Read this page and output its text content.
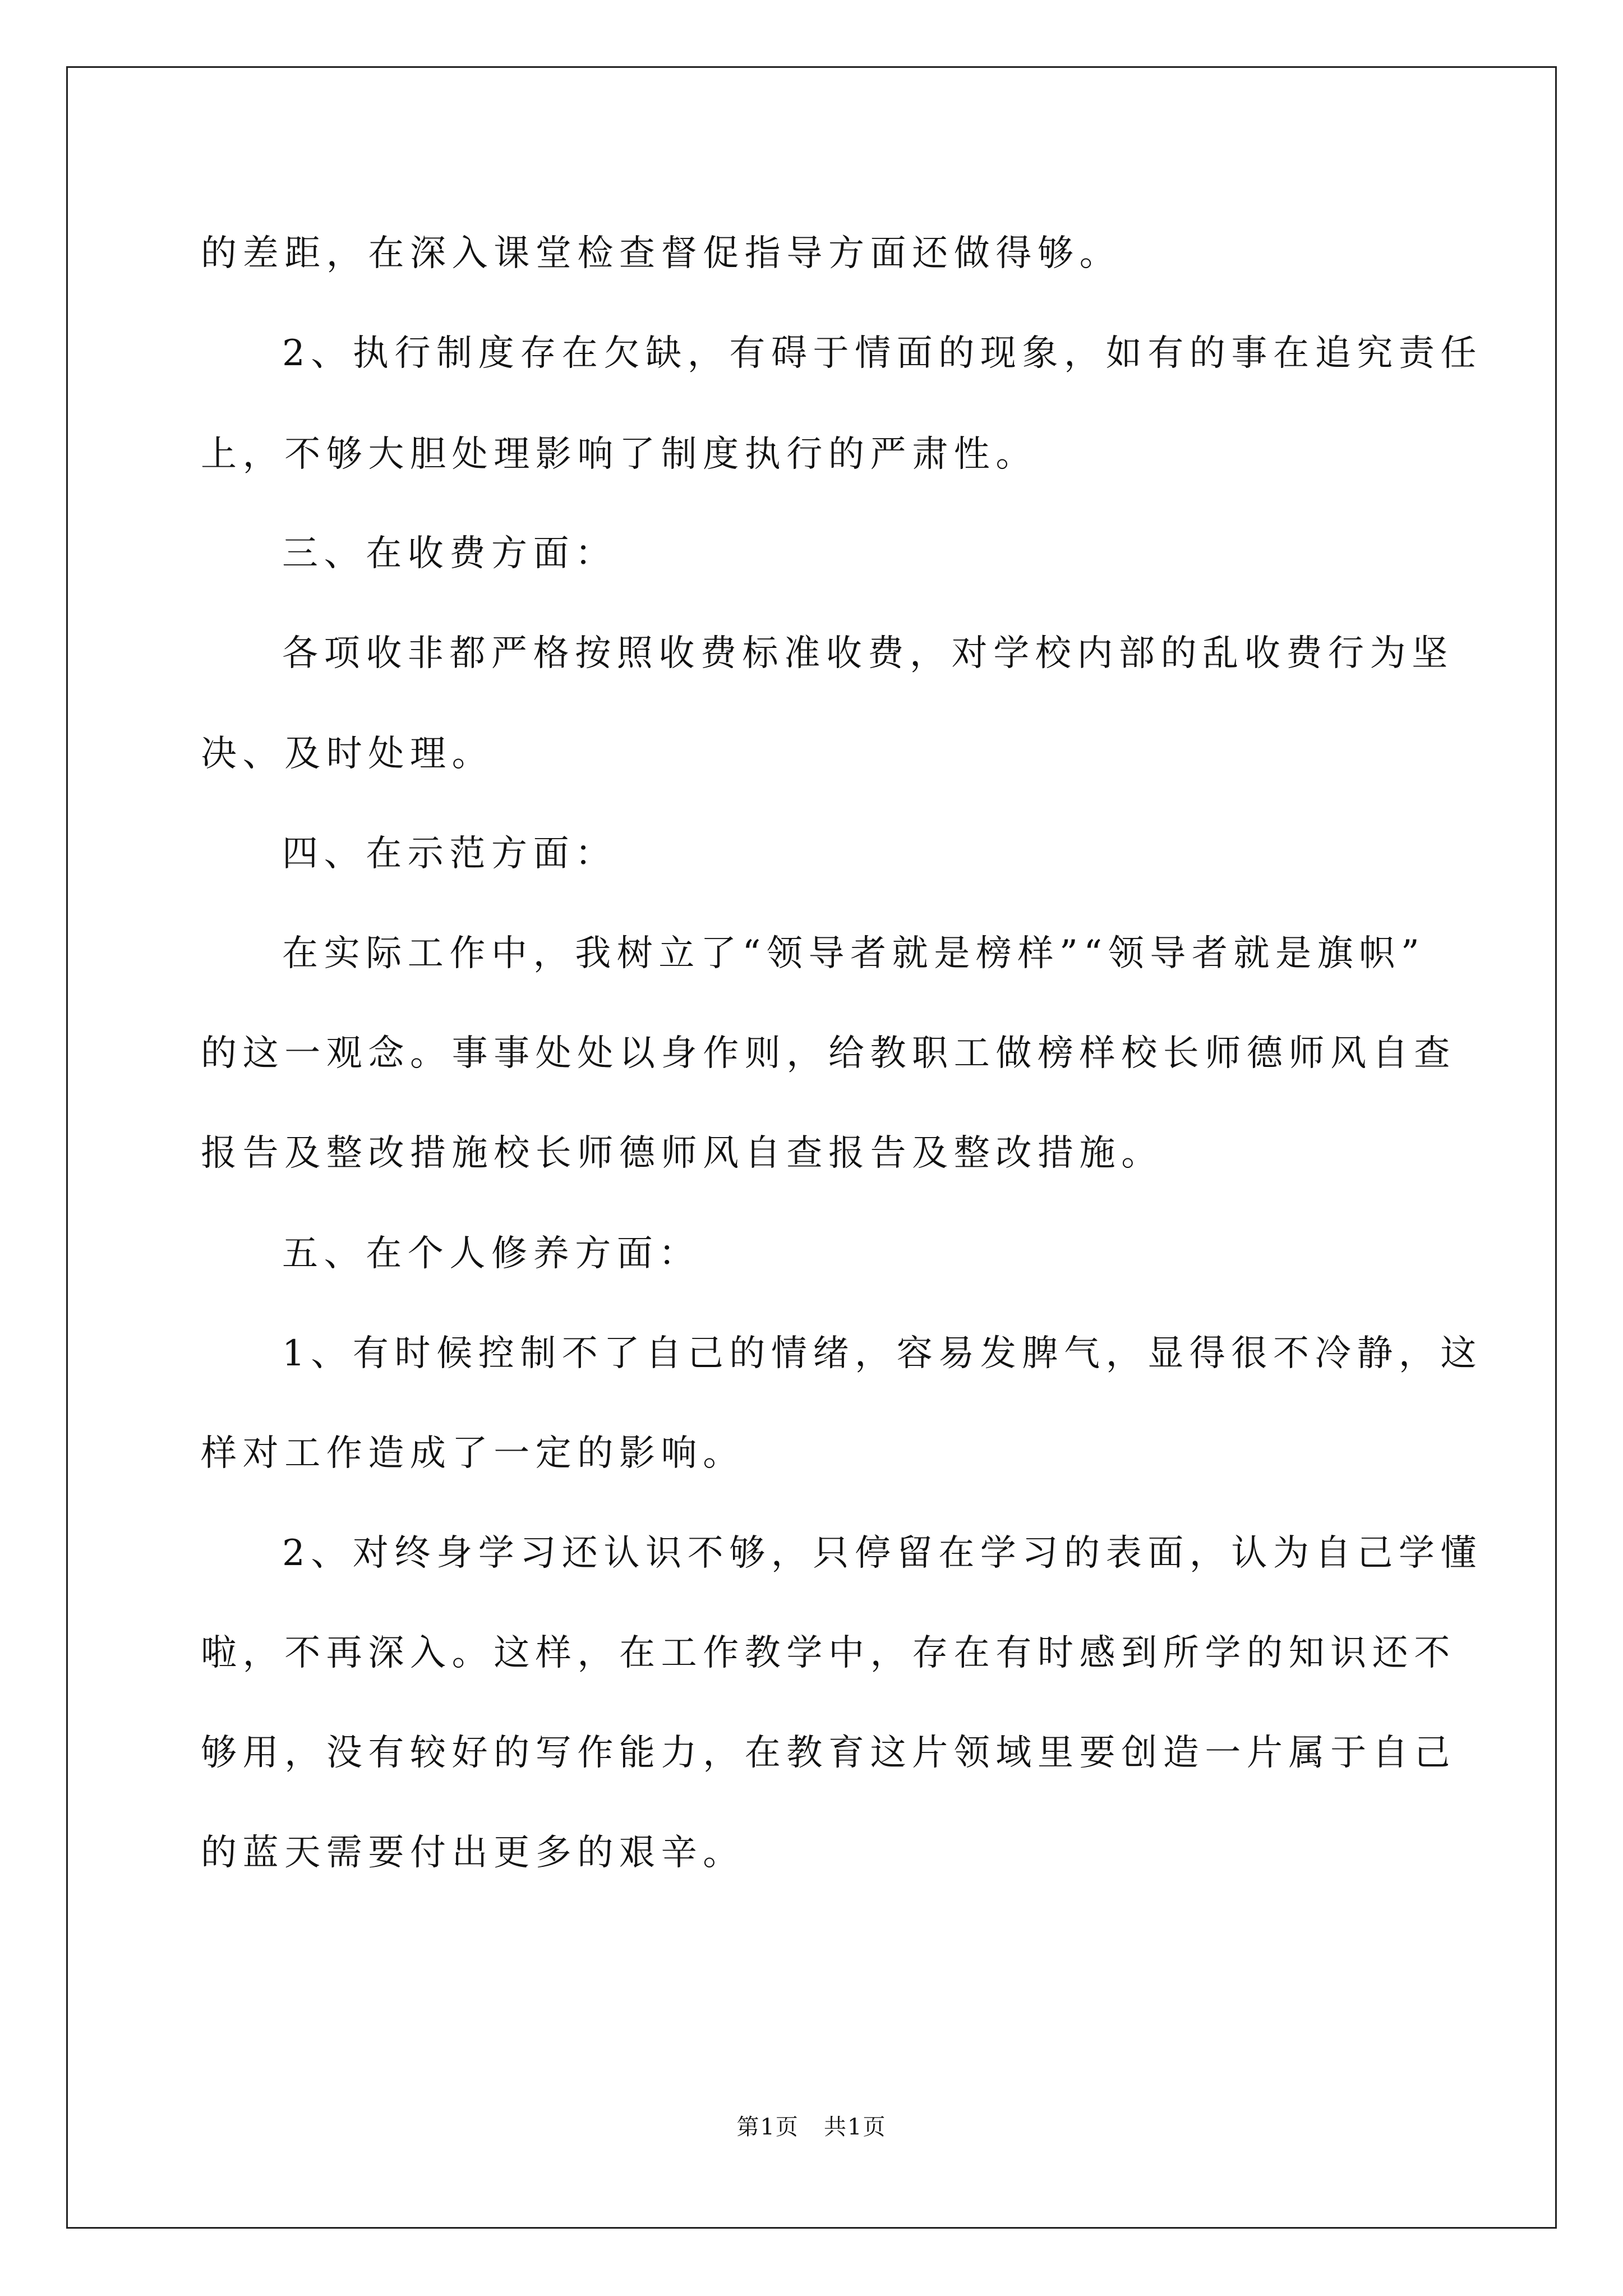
的差距，在深入课堂检查督促指导方面还做得够。
2、执行制度存在欠缺，有碍于情面的现象，如有的事在追究责任
上，不够大胆处理影响了制度执行的严肃性。
三、在收费方面：
各项收非都严格按照收费标准收费，对学校内部的乱收费行为坚
决、及时处理。
四、在示范方面：
在实际工作中，我树立了“领导者就是榜样”“领导者就是旗帜”
的这一观念。事事处处以身作则，给教职工做榜样校长师德师风自查
报告及整改措施校长师德师风自查报告及整改措施。
五、在个人修养方面：
1、有时候控制不了自己的情绪，容易发脾气，显得很不冷静，这
样对工作造成了一定的影响。
2、对终身学习还认识不够，只停留在学习的表面，认为自己学懂
啦，不再深入。这样，在工作教学中，存在有时感到所学的知识还不
够用，没有较好的写作能力，在教育这片领域里要创造一片属于自己
的蓝天需要付出更多的艰辛。
第1页   共1页
